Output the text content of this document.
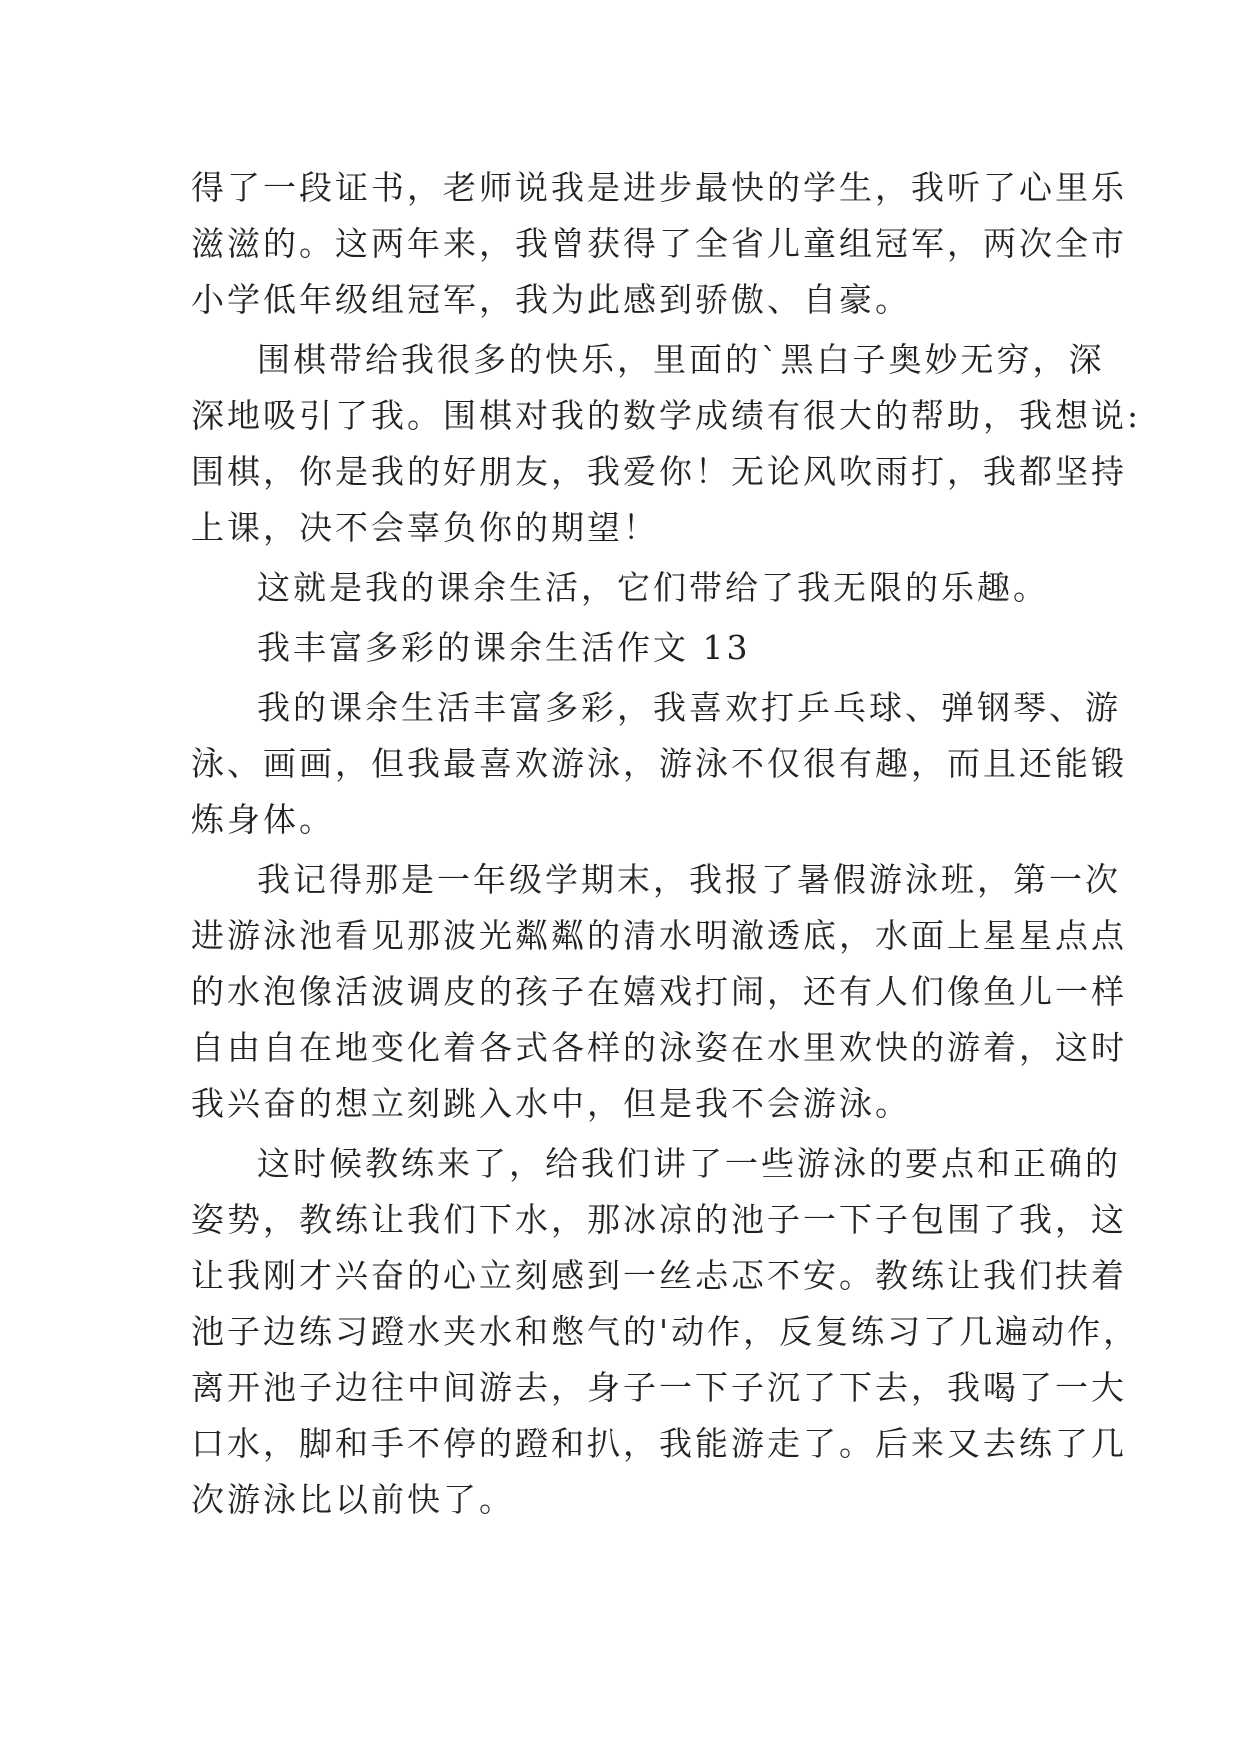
得了一段证书，老师说我是进步最快的学生，我听了心里乐
滋滋的。这两年来，我曾获得了全省儿童组冠军，两次全市
小学低年级组冠军，我为此感到骄傲、自豪。
围棋带给我很多的快乐，里面的`黑白子奥妙无穷，深
深地吸引了我。围棋对我的数学成绩有很大的帮助，我想说:
围棋，你是我的好朋友，我爱你！无论风吹雨打，我都坚持
上课，决不会辜负你的期望！
这就是我的课余生活，它们带给了我无限的乐趣。
我丰富多彩的课余生活作文 13
我的课余生活丰富多彩，我喜欢打乒乓球、弹钢琴、游
泳、画画，但我最喜欢游泳，游泳不仅很有趣，而且还能锻
炼身体。
我记得那是一年级学期末，我报了暑假游泳班，第一次
进游泳池看见那波光粼粼的清水明澈透底，水面上星星点点
的水泡像活波调皮的孩子在嬉戏打闹，还有人们像鱼儿一样
自由自在地变化着各式各样的泳姿在水里欢快的游着，这时
我兴奋的想立刻跳入水中，但是我不会游泳。
这时候教练来了，给我们讲了一些游泳的要点和正确的
姿势，教练让我们下水，那冰凉的池子一下子包围了我，这
让我刚才兴奋的心立刻感到一丝忐忑不安。教练让我们扶着
池子边练习蹬水夹水和憋气的'动作，反复练习了几遍动作，
离开池子边往中间游去，身子一下子沉了下去，我喝了一大
口水，脚和手不停的蹬和扒，我能游走了。后来又去练了几
次游泳比以前快了。
